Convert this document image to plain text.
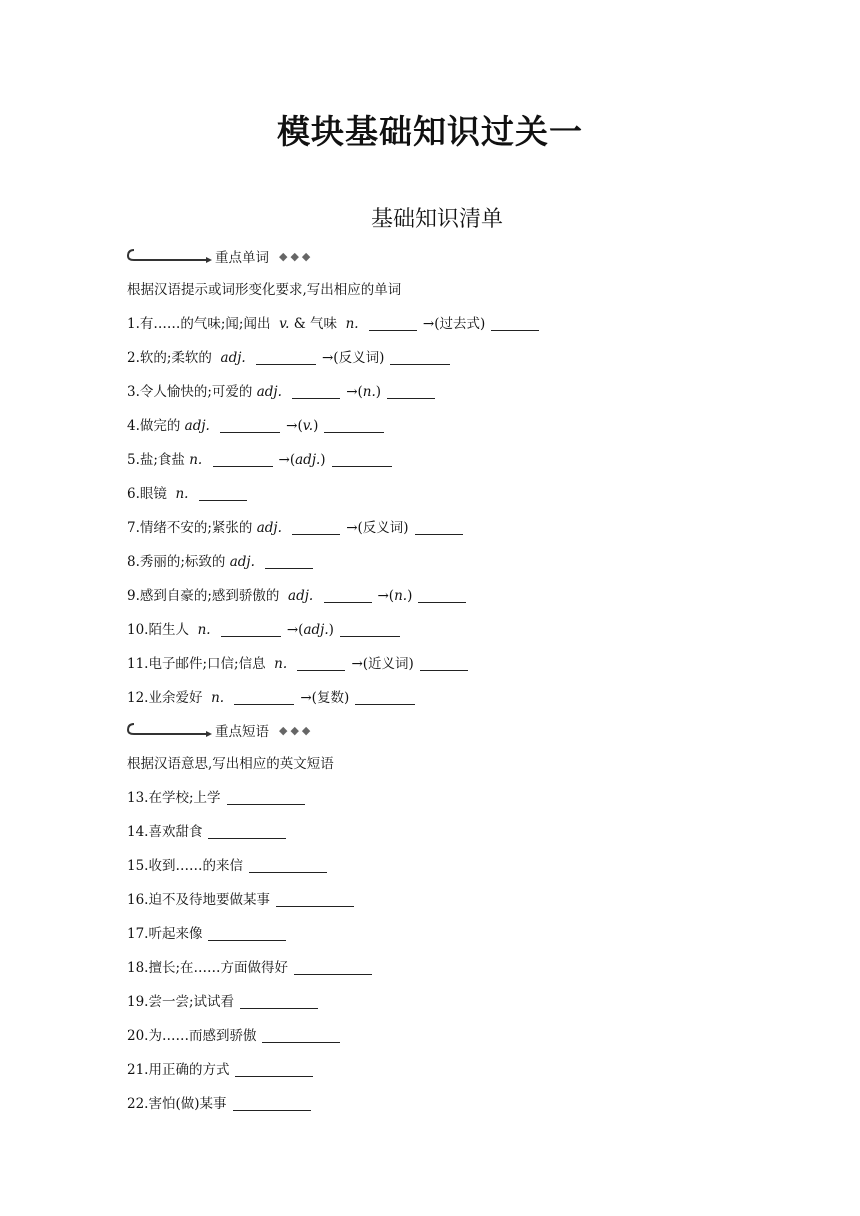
模块基础知识过关一
基础知识清单
重点单词 ◆◆◆
根据汉语提示或词形变化要求,写出相应的单词
1.有……的气味;闻;闻出  v. & 气味  n.	→(过去式)
2.软的;柔软的  adj.	→(反义词)
3.令人愉快的;可爱的 adj.	→(n.)
4.做完的 adj.	→(v.)
5.盐;食盐 n.	→(adj.)
6.眼镜  n.
7.情绪不安的;紧张的 adj.	→(反义词)
8.秀丽的;标致的 adj.
9.感到自豪的;感到骄傲的  adj.	→(n.)
10.陌生人  n.	→(adj.)
11.电子邮件;口信;信息  n.	→(近义词)
12.业余爱好  n.	→(复数)
重点短语 ◆◆◆
根据汉语意思,写出相应的英文短语
13.在学校;上学
14.喜欢甜食
15.收到……的来信
16.迫不及待地要做某事
17.听起来像
18.擅长;在……方面做得好
19.尝一尝;试试看
20.为……而感到骄傲
21.用正确的方式
22.害怕(做)某事
